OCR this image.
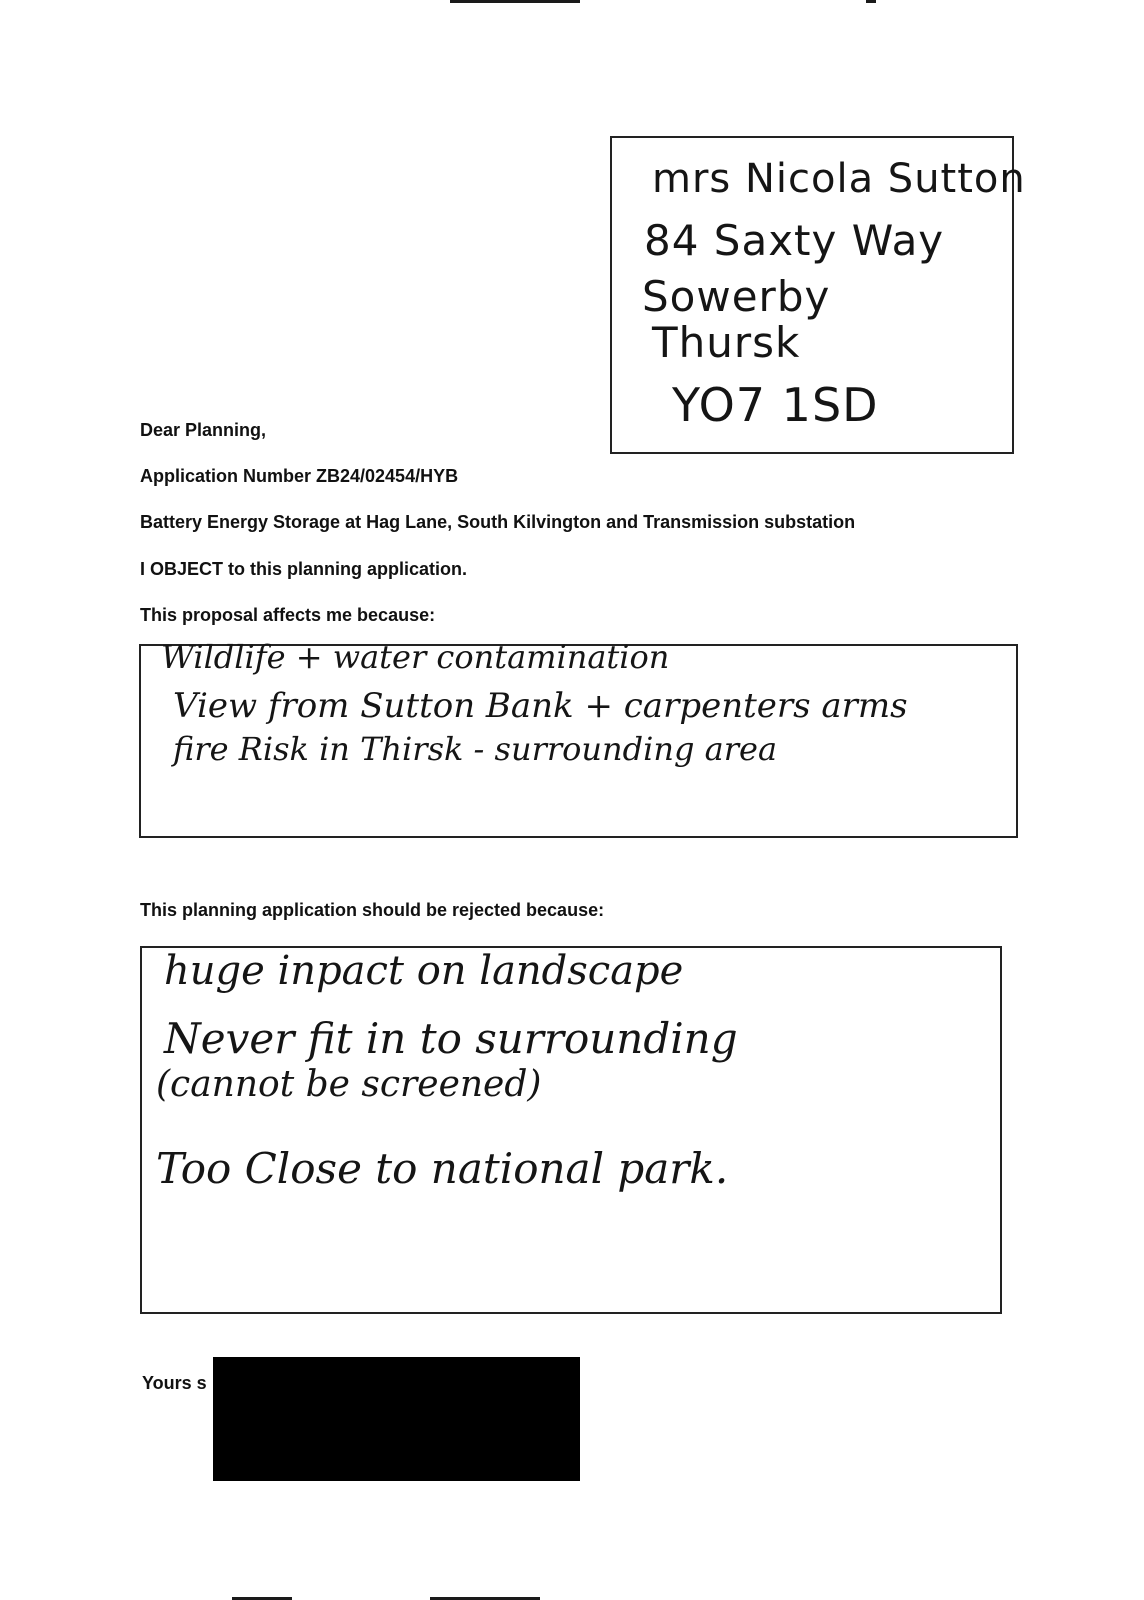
mrs Nicola Sutton
84 Saxty Way
Sowerby
Thursk
YO7 1SD
Dear Planning,
Application Number ZB24/02454/HYB
Battery Energy Storage at Hag Lane, South Kilvington and Transmission substation
I OBJECT to this planning application.
This proposal affects me because:
Wildlife + water contamination
View from Sutton Bank + carpenters arms
fire Risk in Thirsk - surrounding area
This planning application should be rejected because:
huge inpact on landscape
Never fit in to surrounding
(cannot be screened)
Too Close to national park.
Yours s
